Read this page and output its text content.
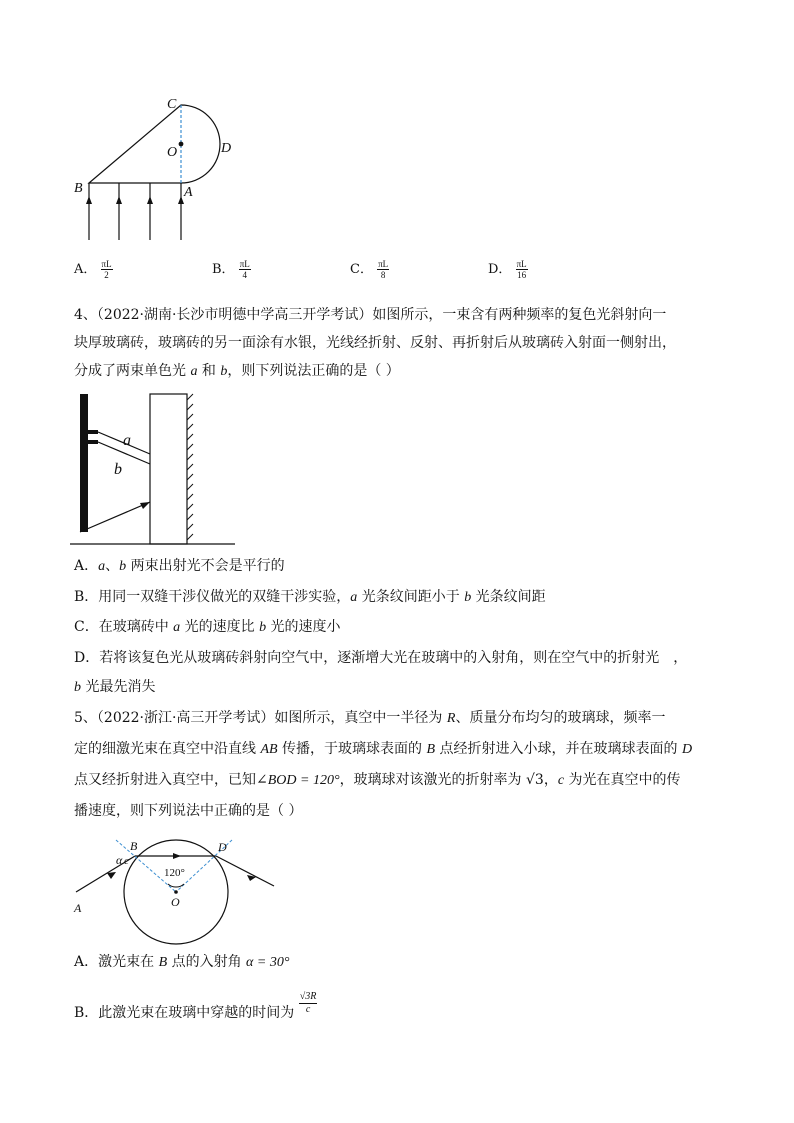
C
O	D
B	A
A． $\frac{\pi L}{2}$	B． $\frac{\pi L}{4}$	C． $\frac{\pi L}{8}$	D． $\frac{\pi L}{16}$
4、（2022·湖南·长沙市明德中学高三开学考试）如图所示，一束含有两种频率的复色光斜射向一
块厚玻璃砖，玻璃砖的另一面涂有水银，光线经折射、反射、再折射后从玻璃砖入射面一侧射出，
分成了两束单色光 a 和 b，则下列说法正确的是（ ）
a
b
A．a、b 两束出射光不会是平行的
B．用同一双缝干涉仪做光的双缝干涉实验，a 光条纹间距小于 b 光条纹间距
C．在玻璃砖中 a 光的速度比 b 光的速度小
D．若将该复色光从玻璃砖斜射向空气中，逐渐增大光在玻璃中的入射角，则在空气中的折射光　，
b 光最先消失
5、（2022·浙江·高三开学考试）如图所示，真空中一半径为 R、质量分布均匀的玻璃球，频率一
定的细激光束在真空中沿直线 AB 传播，于玻璃球表面的 B 点经折射进入小球，并在玻璃球表面的 D
点又经折射进入真空中，已知∠BOD = 120°，玻璃球对该激光的折射率为 √3，c 为光在真空中的传
播速度，则下列说法中正确的是（ ）
B	D
A	O
α
120°
c
A．激光束在 B 点的入射角 α = 30°
B．此激光束在玻璃中穿越的时间为 $\frac{√3R}{c}$
